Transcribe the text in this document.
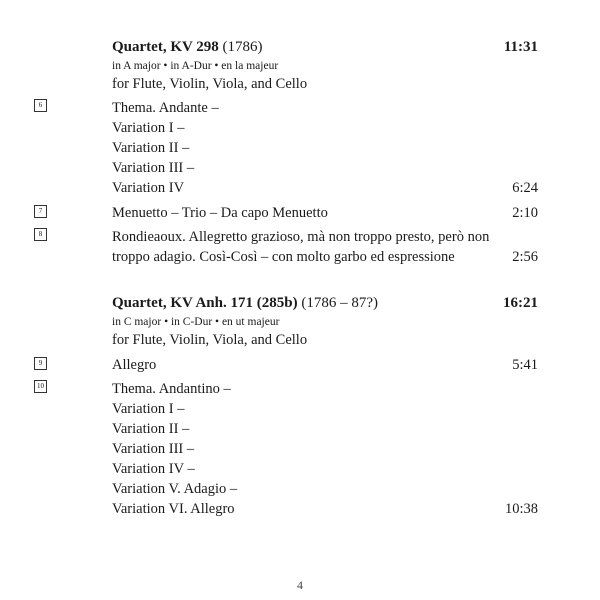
Quartet, KV 298 (1786)	11:31
in A major • in A-Dur • en la majeur
for Flute, Violin, Viola, and Cello
6	Thema. Andante –
Variation I –
Variation II –
Variation III –
Variation IV	6:24
7	Menuetto – Trio – Da capo Menuetto	2:10
8	Rondieaoux. Allegretto grazioso, mà non troppo presto, però non
troppo adagio. Così-Così – con molto garbo ed espressione	2:56
Quartet, KV Anh. 171 (285b) (1786 – 87?)	16:21
in C major • in C-Dur • en ut majeur
for Flute, Violin, Viola, and Cello
9	Allegro	5:41
10	Thema. Andantino –
Variation I –
Variation II –
Variation III –
Variation IV –
Variation V. Adagio –
Variation VI. Allegro	10:38
4
